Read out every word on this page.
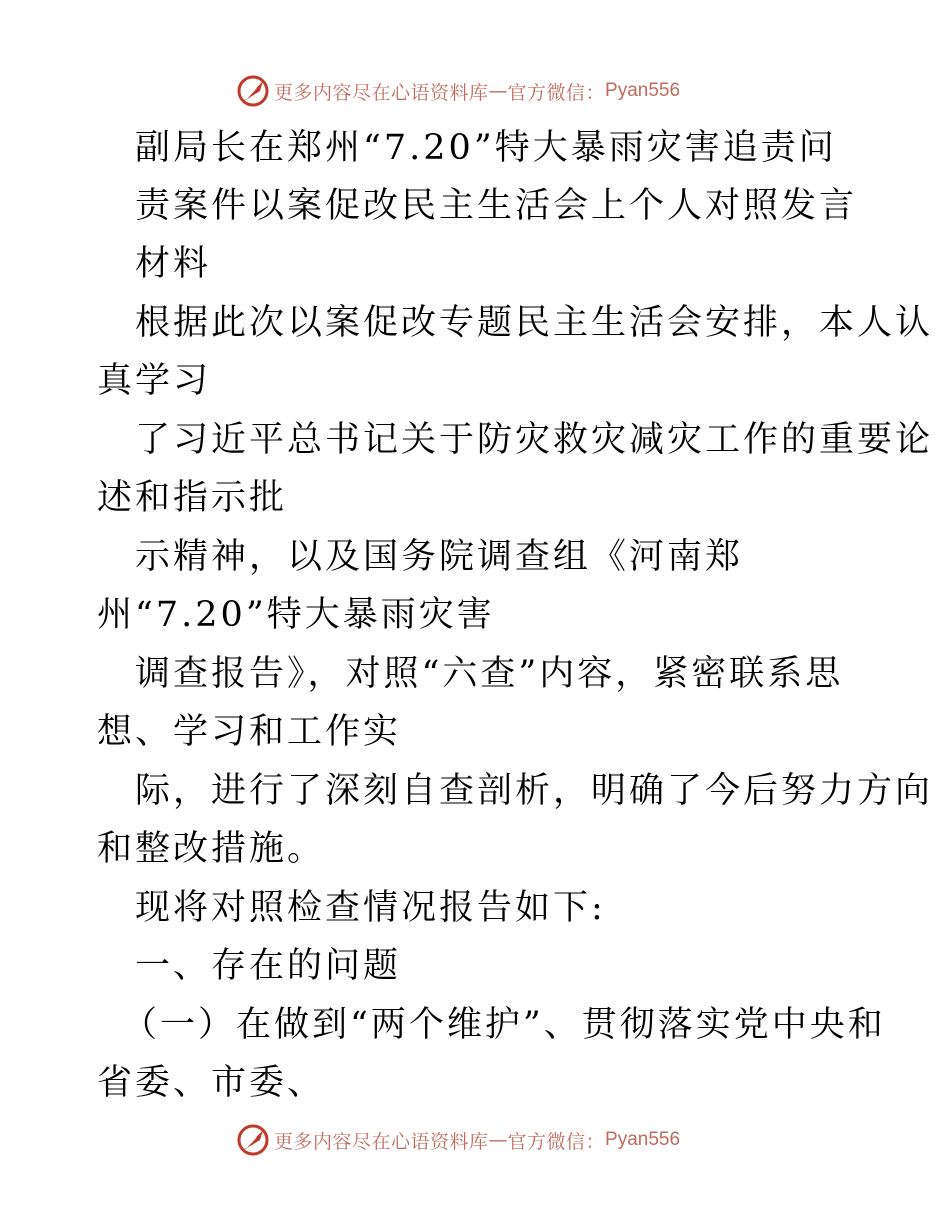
更多内容尽在心语资料库 — 官方微信： Pyan556
副局长在郑州“7.20”特大暴雨灾害追责问
责案件以案促改民主生活会上个人对照发言
材料
根据此次以案促改专题民主生活会安排，本人认
真学习
了习近平总书记关于防灾救灾减灾工作的重要论
述和指示批
示精神，以及国务院调查组《河南郑
州“7.20”特大暴雨灾害
调查报告》，对照“六查”内容，紧密联系思
想、学习和工作实
际，进行了深刻自查剖析，明确了今后努力方向
和整改措施。
现将对照检查情况报告如下:
一、存在的问题
（一）在做到“两个维护”、贯彻落实党中央和
省委、市委、
更多内容尽在心语资料库 — 官方微信： Pyan556
